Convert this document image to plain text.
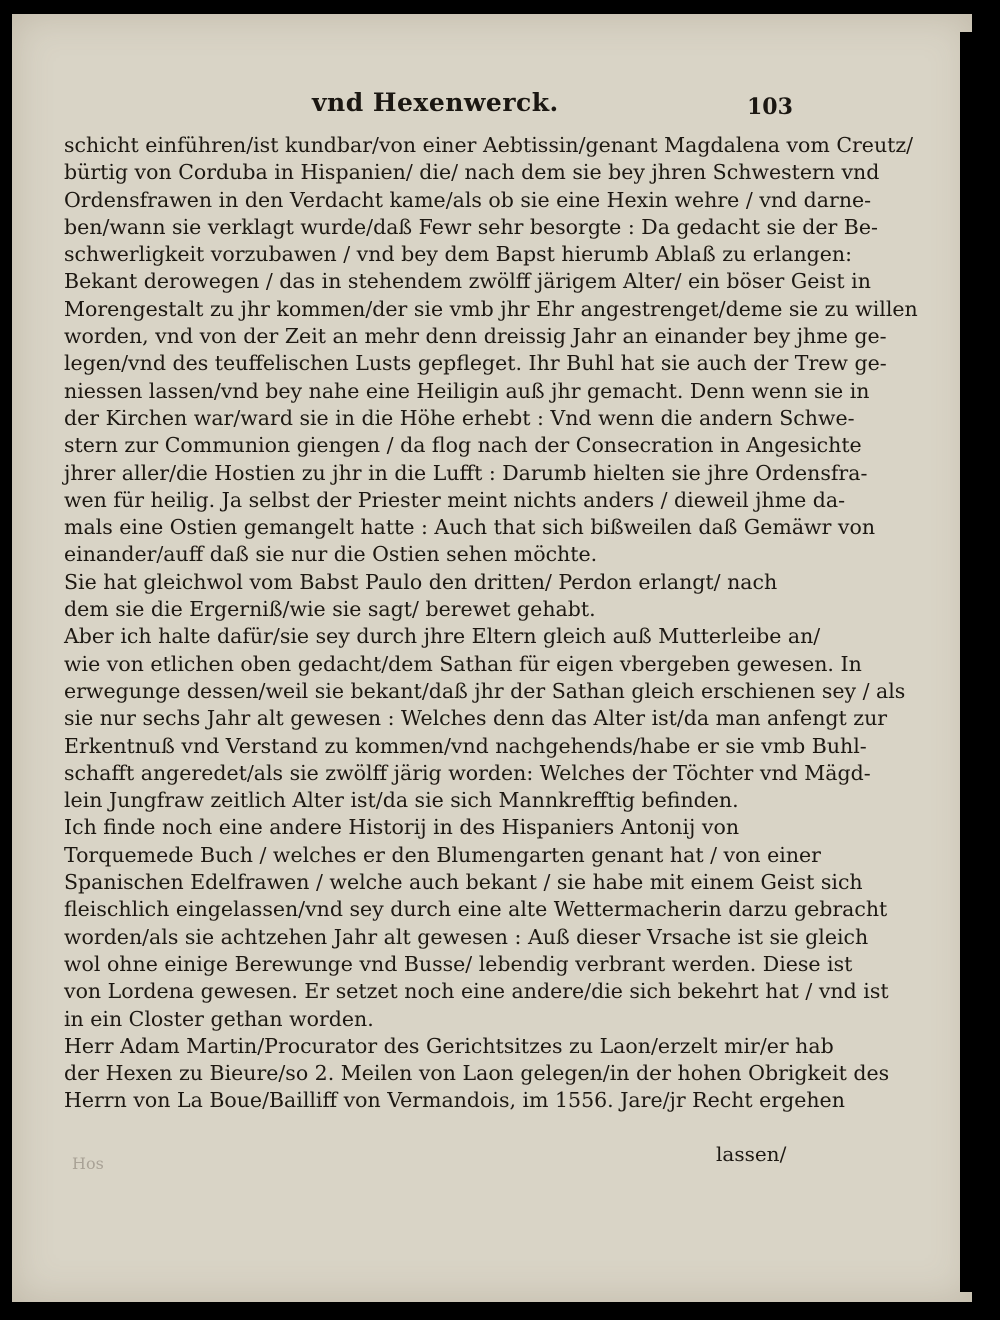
vnd Hexenwerck.	103
schicht einführen/ist kundbar/von einer Aebtissin/genant Magdalena vom Creutz/
bürtig von Corduba in Hispanien/ die/ nach dem sie bey jhren Schwestern vnd
Ordensfrawen in den Verdacht kame/als ob sie eine Hexin wehre / vnd darne-
ben/wann sie verklagt wurde/daß Fewr sehr besorgte : Da gedacht sie der Be-
schwerligkeit vorzubawen / vnd bey dem Bapst hierumb Ablaß zu erlangen:
Bekant derowegen / das in stehendem zwölff järigem Alter/ ein böser Geist in
Morengestalt zu jhr kommen/der sie vmb jhr Ehr angestrenget/deme sie zu willen
worden, vnd von der Zeit an mehr denn dreissig Jahr an einander bey jhme ge-
legen/vnd des teuffelischen Lusts gepfleget. Ihr Buhl hat sie auch der Trew ge-
niessen lassen/vnd bey nahe eine Heiligin auß jhr gemacht. Denn wenn sie in
der Kirchen war/ward sie in die Höhe erhebt : Vnd wenn die andern Schwe-
stern zur Communion giengen / da flog nach der Consecration in Angesichte
jhrer aller/die Hostien zu jhr in die Lufft : Darumb hielten sie jhre Ordensfra-
wen für heilig. Ja selbst der Priester meint nichts anders / dieweil jhme da-
mals eine Ostien gemangelt hatte : Auch that sich bißweilen daß Gemäwr von
einander/auff daß sie nur die Ostien sehen möchte.
Sie hat gleichwol vom Babst Paulo den dritten/ Perdon erlangt/ nach
dem sie die Ergerniß/wie sie sagt/ berewet gehabt.
Aber ich halte dafür/sie sey durch jhre Eltern gleich auß Mutterleibe an/
wie von etlichen oben gedacht/dem Sathan für eigen vbergeben gewesen. In
erwegunge dessen/weil sie bekant/daß jhr der Sathan gleich erschienen sey / als
sie nur sechs Jahr alt gewesen : Welches denn das Alter ist/da man anfengt zur
Erkentnuß vnd Verstand zu kommen/vnd nachgehends/habe er sie vmb Buhl-
schafft angeredet/als sie zwölff järig worden: Welches der Töchter vnd Mägd-
lein Jungfraw zeitlich Alter ist/da sie sich Mannkrefftig befinden.
Ich finde noch eine andere Historij in des Hispaniers Antonij von
Torquemede Buch / welches er den Blumengarten genant hat / von einer
Spanischen Edelfrawen / welche auch bekant / sie habe mit einem Geist sich
fleischlich eingelassen/vnd sey durch eine alte Wettermacherin darzu gebracht
worden/als sie achtzehen Jahr alt gewesen : Auß dieser Vrsache ist sie gleich
wol ohne einige Berewunge vnd Busse/ lebendig verbrant werden. Diese ist
von Lordena gewesen. Er setzet noch eine andere/die sich bekehrt hat / vnd ist
in ein Closter gethan worden.
Herr Adam Martin/Procurator des Gerichtsitzes zu Laon/erzelt mir/er hab
der Hexen zu Bieure/so 2. Meilen von Laon gelegen/in der hohen Obrigkeit des
Herrn von La Boue/Bailliff von Vermandois, im 1556. Jare/jr Recht ergehen
Hos	lassen/
